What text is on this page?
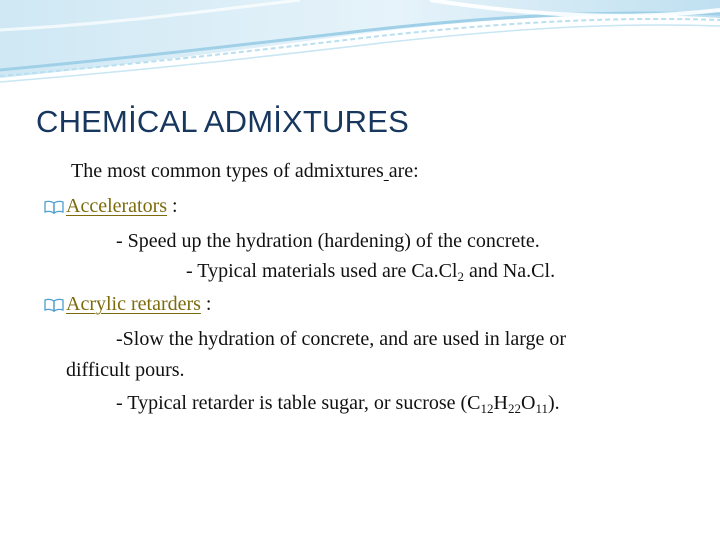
CHEMİCAL ADMİXTURES
The most common types of admixtures are:
Accelerators :
- Speed up the hydration (hardening) of the concrete.
- Typical materials used are $Ca.Cl_2$ and Na.Cl.
Acrylic retarders :
-Slow the hydration of concrete, and are used in large or
difficult pours.
- Typical retarder is table sugar, or sucrose $(C_{12}H_{22}O_{11})$.
